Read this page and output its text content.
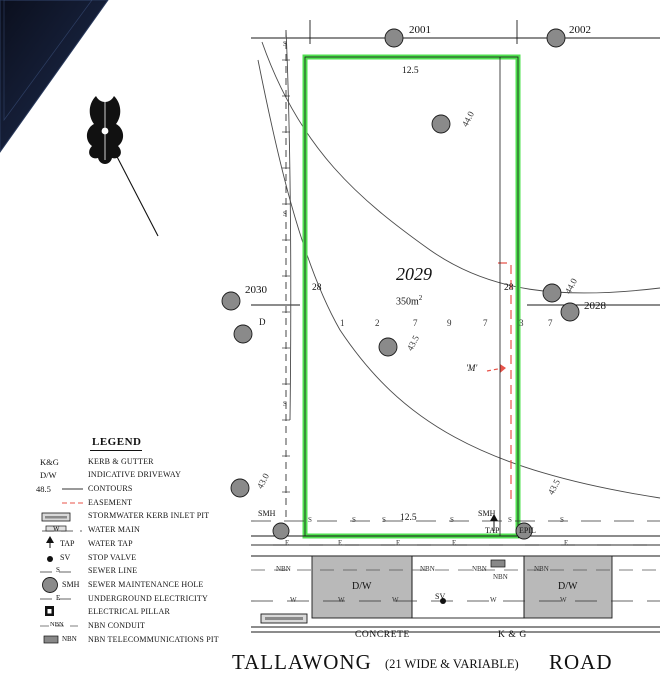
2001	2002
2030
2028
2029
$350m^2$
12.5
12.5
28	28
44.0
43.5
44.0
43.0	43.5
SMH	SMH
TAP EPIL
'M'
D/W	D/W
CONCRETE	K & G
SV
D
E	E	E	E	E
NBN	NBN	NBN
NBN
NBN
W	W	W	W	W
S	S	S	S	S	S
S
S
S
1	2	7	9	7	3	7
LEGEND
K&G	KERB & GUTTER
D/W	INDICATIVE DRIVEWAY
48.5	CONTOURS
EASEMENT
STORMWATER KERB INLET PIT
W	WATER MAIN
TAP WATER TAP
SV STOP VALVE
S	SEWER LINE
SMH SEWER MAINTENANCE HOLE
E	UNDERGROUND ELECTRICITY
ELECTRICAL PILLAR
NBN	NBN CONDUIT
NBN NBN TELECOMMUNICATIONS PIT
TALLAWONG (21 WIDE & VARIABLE) ROAD
